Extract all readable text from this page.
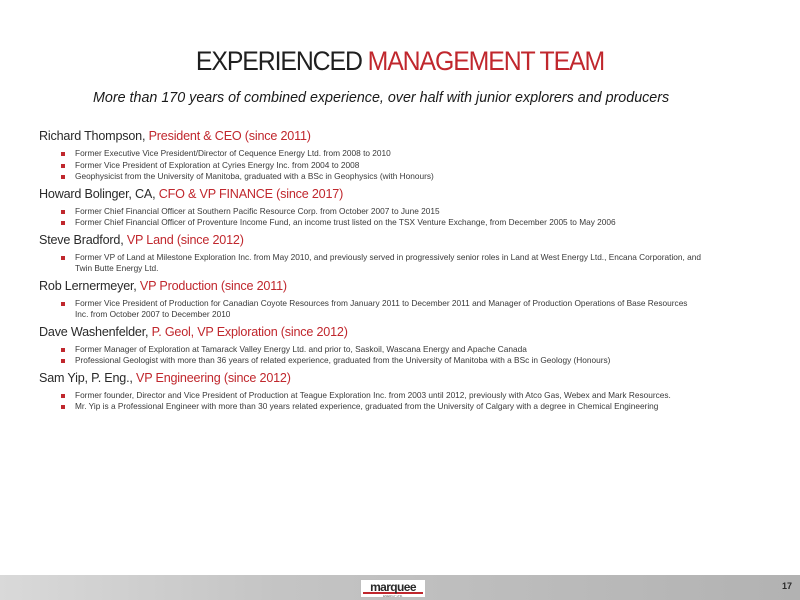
EXPERIENCED MANAGEMENT TEAM
More than 170 years of combined experience, over half with junior explorers and producers
Richard Thompson, President & CEO (since 2011)
Former Executive Vice President/Director of Cequence Energy Ltd. from 2008 to 2010
Former Vice President of Exploration at Cyries Energy Inc. from 2004 to 2008
Geophysicist from the University of Manitoba, graduated with a BSc in Geophysics (with Honours)
Howard Bolinger, CA, CFO & VP FINANCE (since 2017)
Former Chief Financial Officer at Southern Pacific Resource Corp. from October 2007 to June 2015
Former Chief Financial Officer of Proventure Income Fund, an income trust listed on the TSX Venture Exchange, from December 2005 to May 2006
Steve Bradford, VP Land (since 2012)
Former VP of Land at Milestone Exploration Inc. from May 2010, and previously served in progressively senior roles in Land at West Energy Ltd., Encana Corporation, and Twin Butte Energy Ltd.
Rob Lernermeyer, VP Production (since 2011)
Former Vice President of Production for Canadian Coyote Resources from January 2011 to December 2011 and Manager of Production Operations of Base Resources Inc. from October 2007 to December 2010
Dave Washenfelder, P. Geol, VP Exploration (since 2012)
Former Manager of Exploration at Tamarack Valley Energy Ltd. and prior to, Saskoil, Wascana Energy and Apache Canada
Professional Geologist with more than 36 years of related experience, graduated from the University of Manitoba with a BSc in Geology (Honours)
Sam Yip, P. Eng., VP Engineering (since 2012)
Former founder, Director and Vice President of Production at Teague Exploration Inc. from 2003 until 2012, previously with Atco Gas, Webex and Mark Resources.
Mr. Yip is a Professional Engineer with more than 30 years related experience, graduated from the University of Calgary with a degree in Chemical Engineering
marquee
ENERGY LTD.
17
